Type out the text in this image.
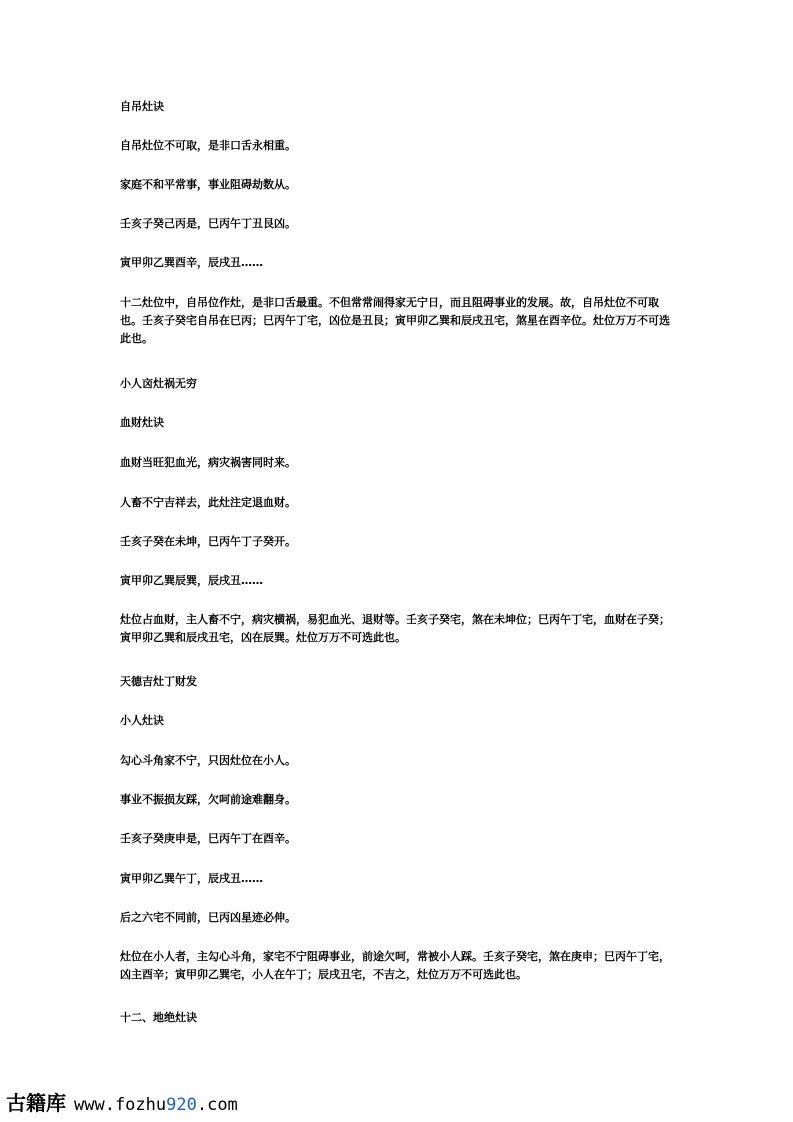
自吊灶诀

自吊灶位不可取，是非口舌永相重。

家庭不和平常事，事业阻碍劫数从。

壬亥子癸己丙是，巳丙午丁丑艮凶。

寅甲卯乙巽酉辛，辰戌丑……

十二灶位中，自吊位作灶，是非口舌最重。不但常常闹得家无宁日，而且阻碍事业的发展。故，自吊灶位不可取也。壬亥子癸宅自吊在巳丙；巳丙午丁宅，凶位是丑艮；寅甲卯乙巽和辰戌丑宅，煞星在酉辛位。灶位万万不可选此也。

小人㐫灶祸无穷

血财灶诀

血财当旺犯血光，病灾祸害同时来。

人畜不宁吉祥去，此灶注定退血财。

壬亥子癸在未坤，巳丙午丁子癸开。

寅甲卯乙巽辰巽，辰戌丑……

灶位占血财，主人畜不宁，病灾横祸，易犯血光、退财等。壬亥子癸宅，煞在未坤位；巳丙午丁宅，血财在子癸；寅甲卯乙巽和辰戌丑宅，凶在辰巽。灶位万万不可选此也。

天德吉灶丁财发

小人灶诀

勾心斗角家不宁，只因灶位在小人。

事业不振损友踩，欠呵前途难翻身。

壬亥子癸庚申是，巳丙午丁在酉辛。

寅甲卯乙巽午丁，辰戌丑……

后之六宅不同前，巳丙凶星迹必伸。

灶位在小人者，主勾心斗角，家宅不宁阻碍事业，前途欠呵，常被小人踩。壬亥子癸宅，煞在庚申；巳丙午丁宅，凶主酉辛；寅甲卯乙巽宅，小人在午丁；辰戌丑宅，不吉之，灶位万万不可选此也。

十二、地绝灶诀

古籍库 www.fozhu 920 .com
